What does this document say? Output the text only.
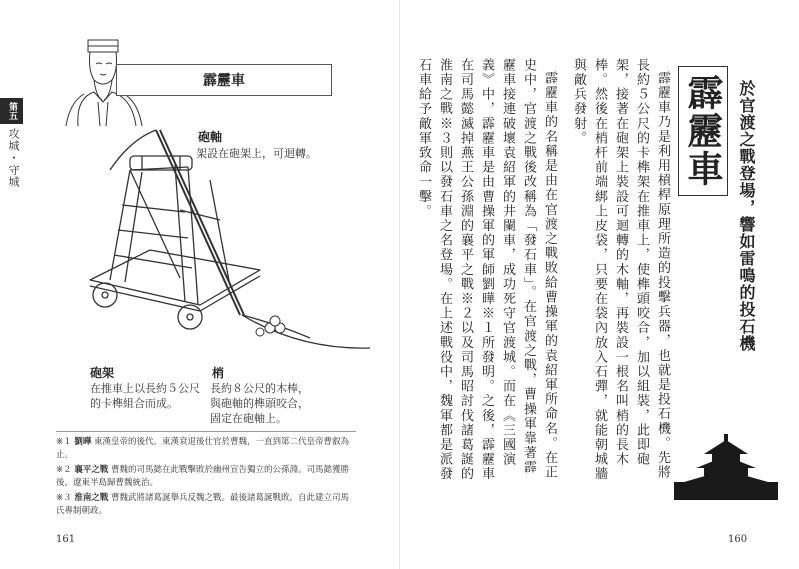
第五
攻城・守城
霹靂車
砲軸
架設在砲架上，可迴轉。
砲架
在推車上以長約５公尺
的卡榫組合而成。
梢
長約８公尺的木棒，
與砲軸的榫頭咬合，
固定在砲軸上。

※１ 劉曄 東漢皇帝的後代。東漢衰退後仕官於曹魏，一直到第二代皇帝曹叡為止。

※２ 襄平之戰 曹魏的司馬懿在此戰擊敗於幽州宣告獨立的公孫淵。司馬懿獲勝後，遼東半島歸曹魏統治。

※３ 淮南之戰 曹魏武將諸葛誕舉兵反魏之戰。最後諸葛誕戰敗，自此建立司馬氏專制朝政。

161
於官渡之戰登場，響如雷鳴的投石機
霹靂車

霹靂車乃是利用槓桿原理所造的投擊兵器，也就是投石機。先將長約５公尺的卡榫架在推車上，使榫頭咬合，加以組裝，此即砲架，接著在砲架上裝設可迴轉的木軸，再裝設一根名叫梢的長木棒。然後在梢杆前端綁上皮袋，只要在袋內放入石彈，就能朝城牆與敵兵發射。

霹靂車的名稱是由在官渡之戰敗給曹操軍的袁紹軍所命名。在正史中，官渡之戰後改稱為「發石車」。在官渡之戰，曹操軍靠著霹靂車接連破壞袁紹軍的井闌車，成功死守官渡城。而在《三國演義》中，霹靂車是由曹操軍的軍師劉曄※１所發明。之後，霹靂車在司馬懿滅掉燕王公孫淵的襄平之戰※２以及司馬昭討伐諸葛誕的淮南之戰※３則以發石車之名登場。在上述戰役中，魏軍都是派發石車給予敵軍致命一擊。

160
